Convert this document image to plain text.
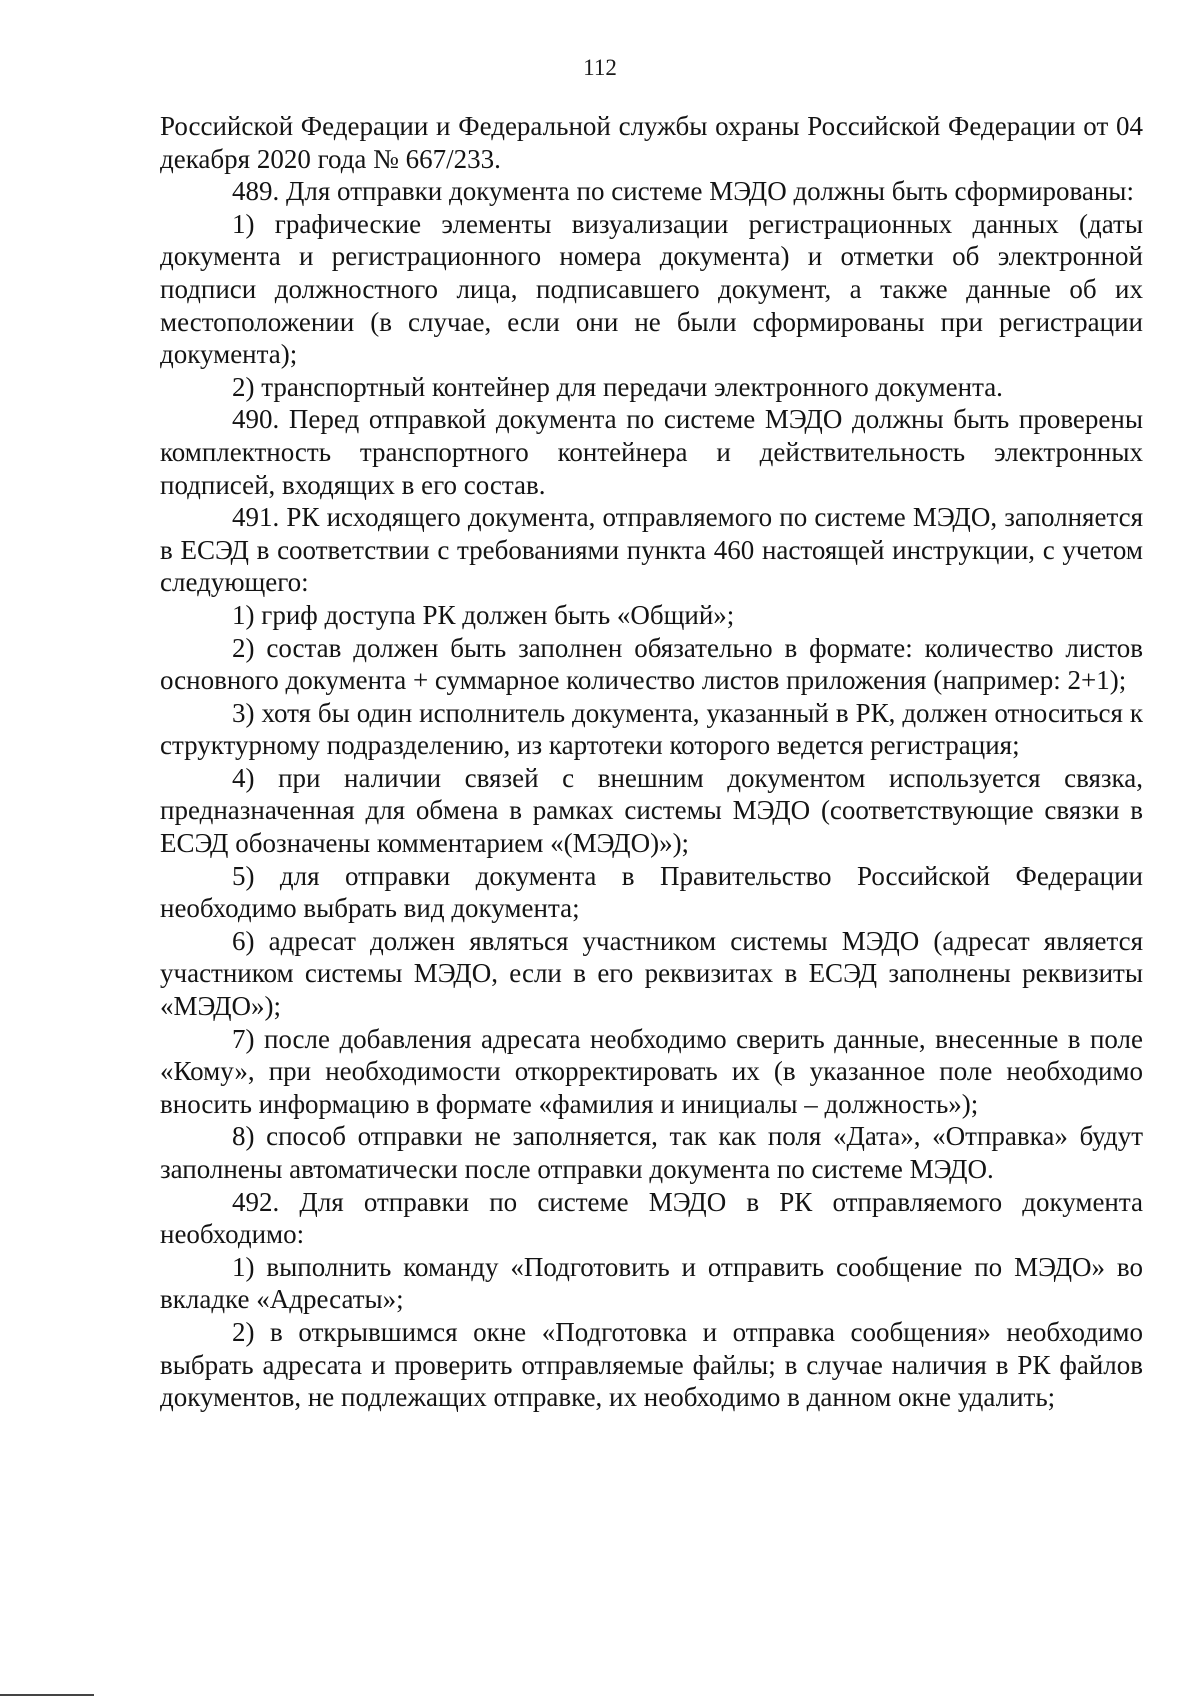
112

Российской Федерации и Федеральной службы охраны Российской Федерации от 04 декабря 2020 года № 667/233.

489. Для отправки документа по системе МЭДО должны быть сформированы:

1) графические элементы визуализации регистрационных данных (даты документа и регистрационного номера документа) и отметки об электронной подписи должностного лица, подписавшего документ, а также данные об их местоположении (в случае, если они не были сформированы при регистрации документа);

2) транспортный контейнер для передачи электронного документа.

490. Перед отправкой документа по системе МЭДО должны быть проверены комплектность транспортного контейнера и действительность электронных подписей, входящих в его состав.

491. РК исходящего документа, отправляемого по системе МЭДО, заполняется в ЕСЭД в соответствии с требованиями пункта 460 настоящей инструкции, с учетом следующего:

1) гриф доступа РК должен быть «Общий»;

2) состав должен быть заполнен обязательно в формате: количество листов основного документа + суммарное количество листов приложения (например: 2+1);

3) хотя бы один исполнитель документа, указанный в РК, должен относиться к структурному подразделению, из картотеки которого ведется регистрация;

4) при наличии связей с внешним документом используется связка, предназначенная для обмена в рамках системы МЭДО (соответствующие связки в ЕСЭД обозначены комментарием «(МЭДО)»);

5) для отправки документа в Правительство Российской Федерации необходимо выбрать вид документа;

6) адресат должен являться участником системы МЭДО (адресат является участником системы МЭДО, если в его реквизитах в ЕСЭД заполнены реквизиты «МЭДО»);

7) после добавления адресата необходимо сверить данные, внесенные в поле «Кому», при необходимости откорректировать их (в указанное поле необходимо вносить информацию в формате «фамилия и инициалы – должность»);

8) способ отправки не заполняется, так как поля «Дата», «Отправка» будут заполнены автоматически после отправки документа по системе МЭДО.

492. Для отправки по системе МЭДО в РК отправляемого документа необходимо:

1) выполнить команду «Подготовить и отправить сообщение по МЭДО» во вкладке «Адресаты»;

2) в открывшимся окне «Подготовка и отправка сообщения» необходимо выбрать адресата и проверить отправляемые файлы; в случае наличия в РК файлов документов, не подлежащих отправке, их необходимо в данном окне удалить;
